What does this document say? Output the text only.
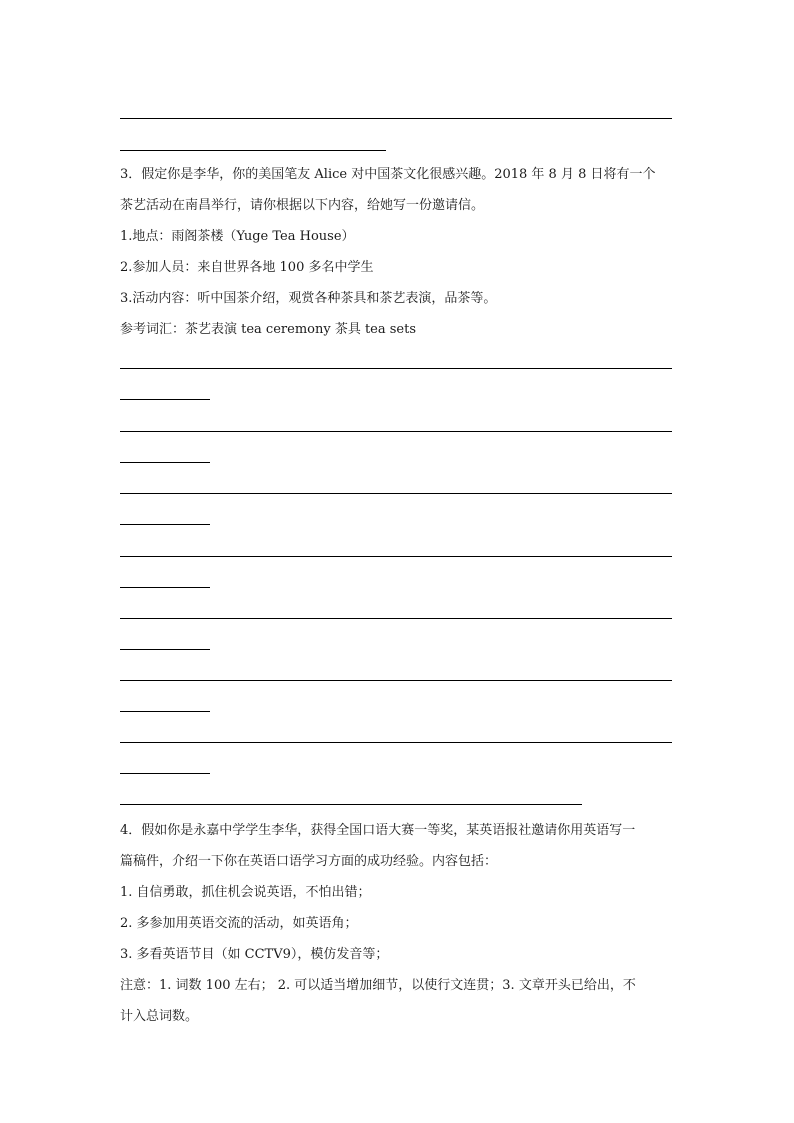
3．假定你是李华，你的美国笔友 Alice 对中国茶文化很感兴趣。2018 年 8 月 8 日将有一个
茶艺活动在南昌举行，请你根据以下内容，给她写一份邀请信。
1.地点：雨阁茶楼（Yuge Tea House）
2.参加人员：来自世界各地 100 多名中学生
3.活动内容：听中国茶介绍，观赏各种茶具和茶艺表演，品茶等。
参考词汇：茶艺表演 tea ceremony 茶具 tea sets
4．假如你是永嘉中学学生李华，获得全国口语大赛一等奖，某英语报社邀请你用英语写一
篇稿件，介绍一下你在英语口语学习方面的成功经验。内容包括：
1. 自信勇敢，抓住机会说英语，不怕出错；
2. 多参加用英语交流的活动，如英语角；
3. 多看英语节目（如 CCTV9），模仿发音等；
注意：1. 词数 100 左右； 2. 可以适当增加细节，以使行文连贯；3. 文章开头已给出，不
计入总词数。
